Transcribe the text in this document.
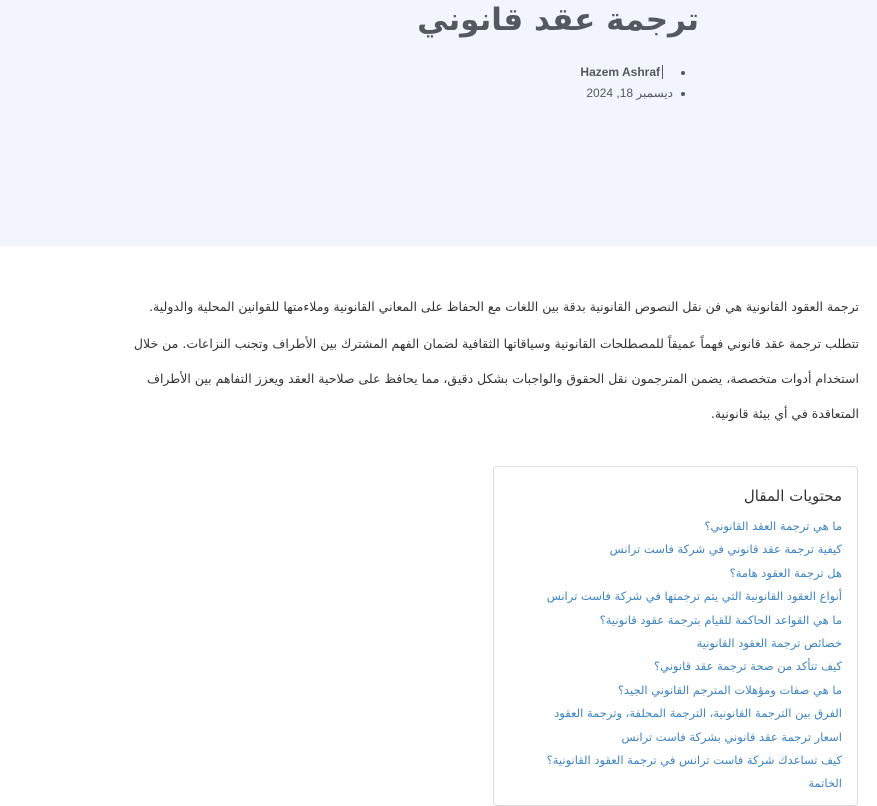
ترجمة عقد قانوني
Hazem Ashraf
ديسمبر 18, 2024

ترجمة العقود القانونية هي فن نقل النصوص القانونية بدقة بين اللغات مع الحفاظ على المعاني القانونية وملاءمتها للقوانين المحلية والدولية.

تتطلب ترجمة عقد قانوني فهماً عميقاً للمصطلحات القانونية وسياقاتها الثقافية لضمان الفهم المشترك بين الأطراف وتجنب النزاعات. من خلال

استخدام أدوات متخصصة، يضمن المترجمون نقل الحقوق والواجبات بشكل دقيق، مما يحافظ على صلاحية العقد ويعزز التفاهم بين الأطراف

المتعاقدة في أي بيئة قانونية.

محتويات المقال
ما هي ترجمة العقد القانوني؟
كيفية ترجمة عقد قانوني في شركة فاست ترانس
هل ترجمة العقود هامة؟
أنواع العقود القانونية التي يتم ترجمتها في شركة فاست ترانس
ما هي القواعد الحاكمة للقيام بترجمة عقود قانونية؟
خصائص ترجمة العقود القانونية
كيف تتأكد من صحة ترجمة عقد قانوني؟
ما هي صفات ومؤهلات المترجم القانوني الجيد؟
الفرق بين الترجمة القانونية، الترجمة المحلفة، وترجمة العقود
اسعار ترجمة عقد قانوني بشركة فاست ترانس
كيف تساعدك شركة فاست ترانس في ترجمة العقود القانونية؟
الخاتمة
